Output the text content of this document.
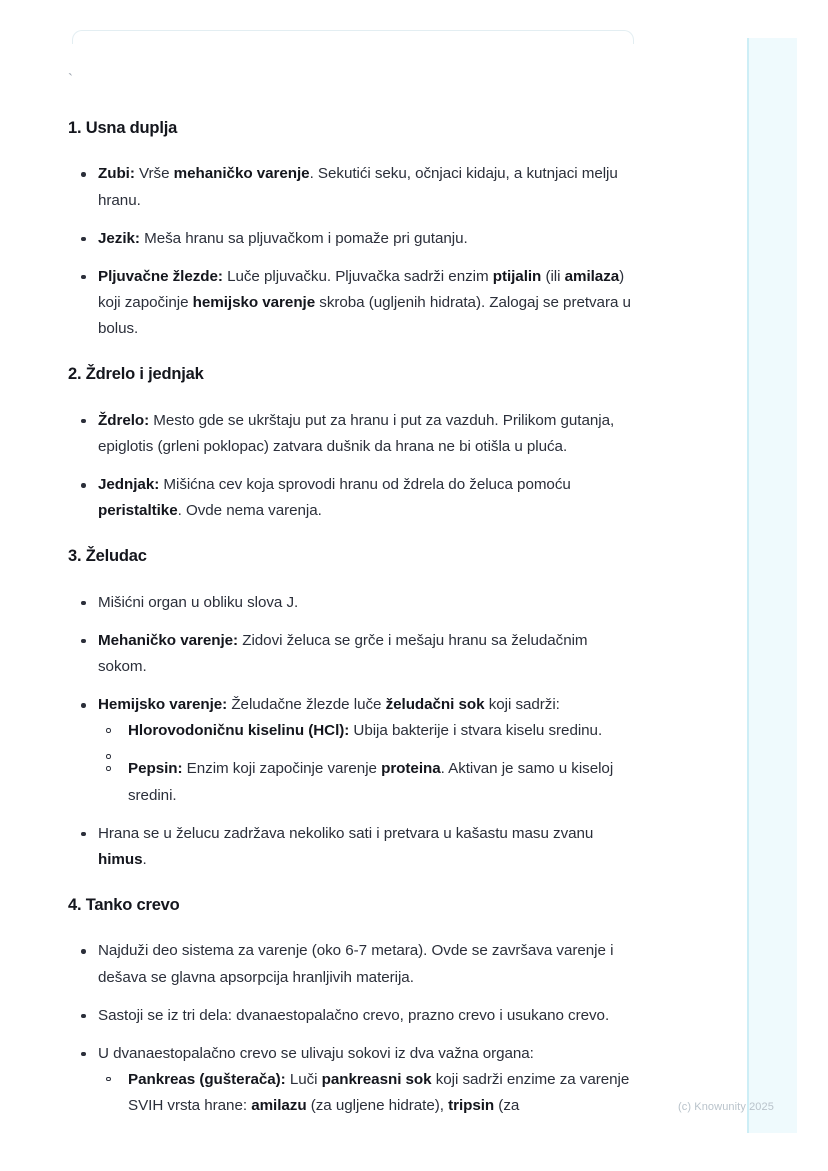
`
1. Usna duplja
Zubi: Vrše mehaničko varenje. Sekutići seku, očnjaci kidaju, a kutnjaci melju hranu.
Jezik: Meša hranu sa pljuvačkom i pomaže pri gutanju.
Pljuvačne žlezde: Luče pljuvačku. Pljuvačka sadrži enzim ptijalin (ili amilaza) koji započinje hemijsko varenje skroba (ugljenih hidrata). Zalogaj se pretvara u bolus.
2. Ždrelo i jednjak
Ždrelo: Mesto gde se ukrštaju put za hranu i put za vazduh. Prilikom gutanja, epiglotis (grleni poklopac) zatvara dušnik da hrana ne bi otišla u pluća.
Jednjak: Mišićna cev koja sprovodi hranu od ždrela do želuca pomoću peristaltike. Ovde nema varenja.
3. Želudac
Mišićni organ u obliku slova J.
Mehaničko varenje: Zidovi želuca se grče i mešaju hranu sa želudačnim sokom.
Hemijsko varenje: Želudačne žlezde luče želudačni sok koji sadrži:
Hlorovodoničnu kiselinu (HCl): Ubija bakterije i stvara kiselu sredinu.
Pepsin: Enzim koji započinje varenje proteina. Aktivan je samo u kiseloj sredini.
Hrana se u želucu zadržava nekoliko sati i pretvara u kašastu masu zvanu himus.
4. Tanko crevo
Najduži deo sistema za varenje (oko 6-7 metara). Ovde se završava varenje i dešava se glavna apsorpcija hranljivih materija.
Sastoji se iz tri dela: dvanaestopalačno crevo, prazno crevo i usukano crevo.
U dvanaestopalačno crevo se ulivaju sokovi iz dva važna organa:
Pankreas (gušterača): Luči pankreasni sok koji sadrži enzime za varenje SVIH vrsta hrane: amilazu (za ugljene hidrate), tripsin (za	(c) Knowunity 2025
